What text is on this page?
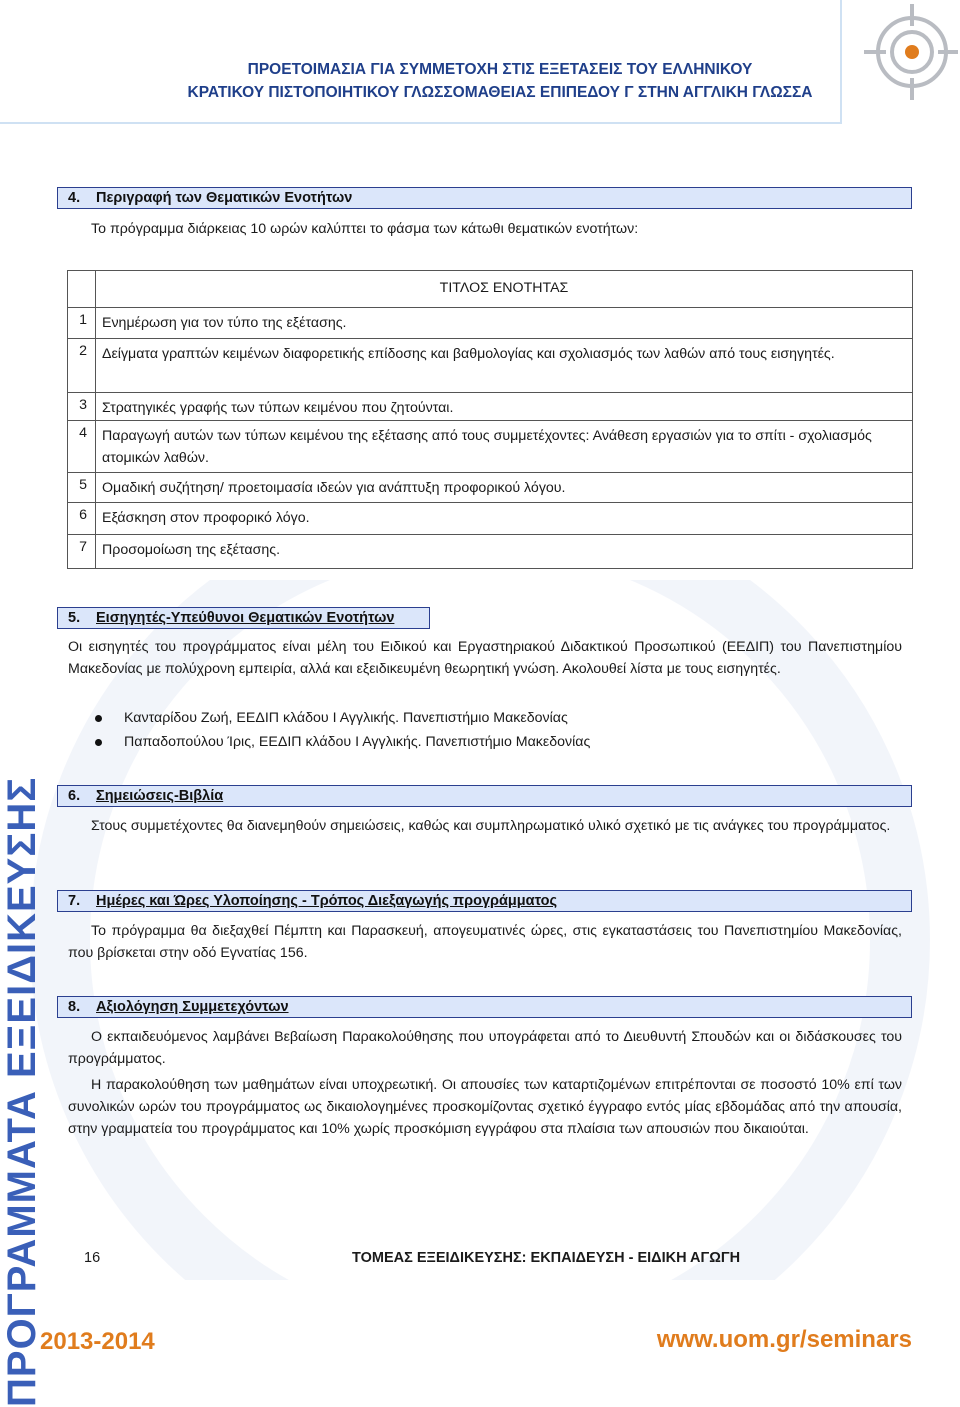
ΠΡΟΕΤΟΙΜΑΣΙΑ ΓΙΑ ΣΥΜΜΕΤΟΧΗ ΣΤΙΣ ΕΞΕΤΑΣΕΙΣ ΤΟΥ ΕΛΛΗΝΙΚΟΥ
ΚΡΑΤΙΚΟΥ ΠΙΣΤΟΠΟΙΗΤΙΚΟΥ ΓΛΩΣΣΟΜΑΘΕΙΑΣ ΕΠΙΠΕΔΟΥ Γ ΣΤΗΝ ΑΓΓΛΙΚΗ ΓΛΩΣΣΑ
4.	Περιγραφή των Θεματικών Ενοτήτων
Το πρόγραμμα διάρκειας 10 ωρών καλύπτει το φάσμα των κάτωθι θεματικών ενοτήτων:
	ΤΙΤΛΟΣ ΕΝΟΤΗΤΑΣ
1	Ενημέρωση για τον τύπο της εξέτασης.
2	Δείγματα γραπτών κειμένων διαφορετικής επίδοσης και βαθμολογίας και σχολιασμός των λαθών από τους εισηγητές.
3	Στρατηγικές γραφής των τύπων κειμένου που ζητούνται.
4	Παραγωγή αυτών των τύπων κειμένου της εξέτασης από τους συμμετέχοντες: Ανάθεση εργασιών για το σπίτι - σχολιασμός ατομικών λαθών.
5	Ομαδική συζήτηση/ προετοιμασία ιδεών για ανάπτυξη προφορικού λόγου.
6	Εξάσκηση στον προφορικό λόγο.
7	Προσομοίωση της εξέτασης.
5.	Εισηγητές-Υπεύθυνοι Θεματικών Ενοτήτων
Οι εισηγητές του προγράμματος είναι μέλη του Ειδικού και Εργαστηριακού Διδακτικού Προσωπικού (ΕΕΔΙΠ) του Πανεπιστημίου Μακεδονίας με πολύχρονη εμπειρία, αλλά και εξειδικευμένη θεωρητική γνώση. Ακολουθεί λίστα με τους εισηγητές.
Κανταρίδου Ζωή, ΕΕΔΙΠ κλάδου Ι Αγγλικής. Πανεπιστήμιο Μακεδονίας
Παπαδοπούλου Ίρις, ΕΕΔΙΠ κλάδου Ι Αγγλικής. Πανεπιστήμιο Μακεδονίας
6.	Σημειώσεις-Βιβλία
Στους συμμετέχοντες θα διανεμηθούν σημειώσεις, καθώς και συμπληρωματικό υλικό σχετικό με τις ανάγκες του προγράμματος.
7.	Ημέρες και Ώρες Υλοποίησης - Τρόπος Διεξαγωγής προγράμματος
Το πρόγραμμα θα διεξαχθεί Πέμπτη και Παρασκευή, απογευματινές ώρες, στις εγκαταστάσεις του Πανεπιστημίου Μακεδονίας, που βρίσκεται στην οδό Εγνατίας 156.
8.	Αξιολόγηση Συμμετεχόντων
Ο εκπαιδευόμενος λαμβάνει Βεβαίωση Παρακολούθησης που υπογράφεται από το Διευθυντή Σπουδών και οι διδάσκουσες του προγράμματος.
Η παρακολούθηση των μαθημάτων είναι υποχρεωτική. Οι απουσίες των καταρτιζομένων επιτρέπονται σε ποσοστό 10% επί των συνολικών ωρών του προγράμματος ως δικαιολογημένες προσκομίζοντας σχετικό έγγραφο εντός μίας εβδομάδας από την απουσία, στην γραμματεία του προγράμματος και 10% χωρίς προσκόμιση εγγράφου στα πλαίσια των απουσιών που δικαιούται.
16	ΤΟΜΕΑΣ ΕΞΕΙΔΙΚΕΥΣΗΣ: ΕΚΠΑΙΔΕΥΣΗ - ΕΙΔΙΚΗ ΑΓΩΓΗ
ΠΡΟΓΡΑΜΜΑΤΑ ΕΞΕΙΔΙΚΕΥΣΗΣ
2013-2014	www.uom.gr/seminars
